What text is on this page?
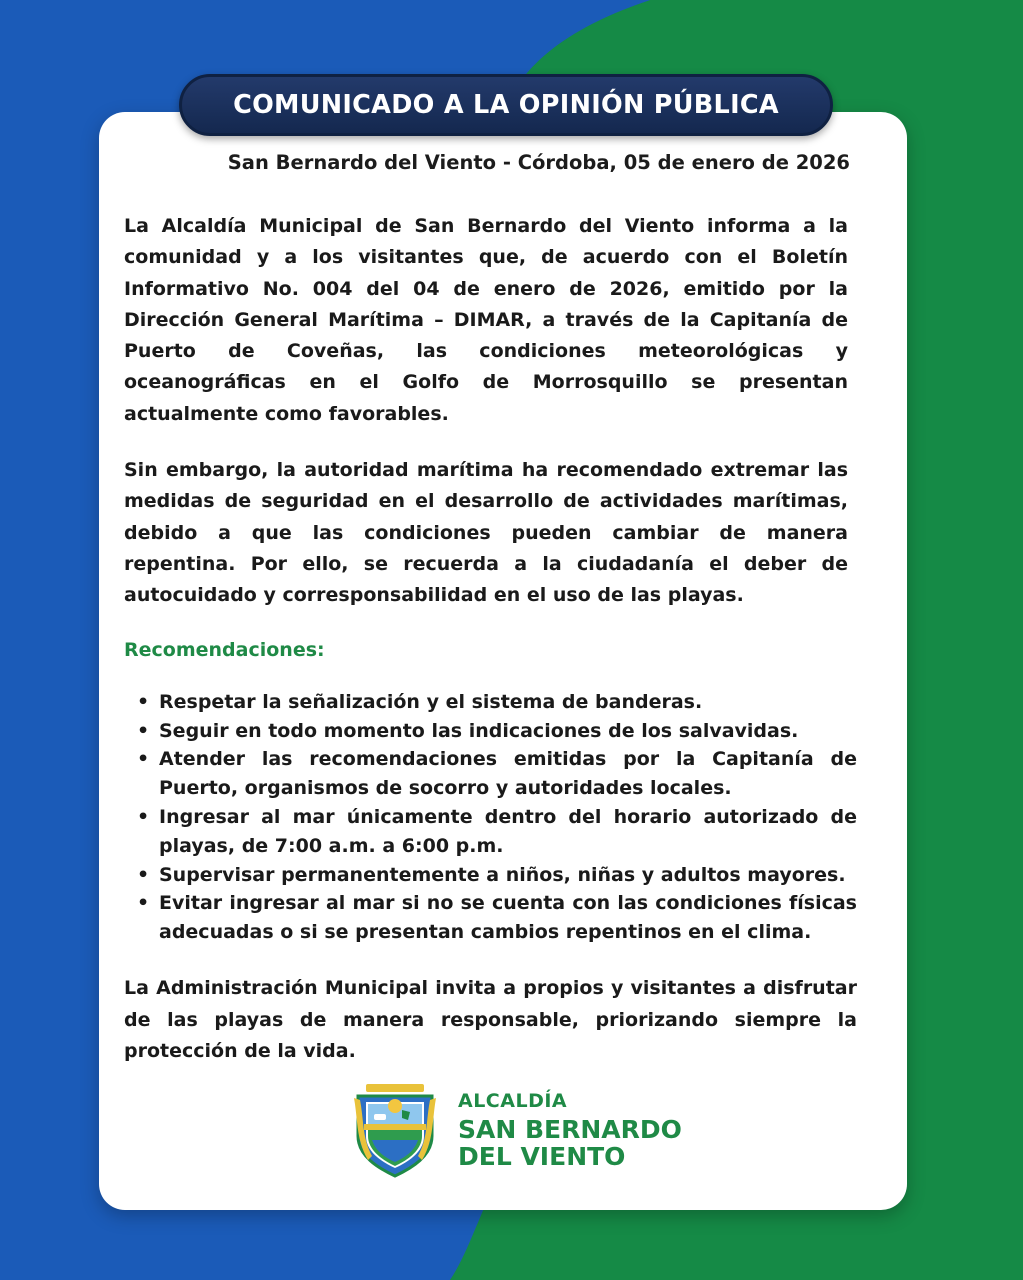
COMUNICADO A LA OPINIÓN PÚBLICA
San Bernardo del Viento - Córdoba, 05 de enero de 2026

La Alcaldía Municipal de San Bernardo del Viento informa a la comunidad y a los visitantes que, de acuerdo con el Boletín Informativo No. 004 del 04 de enero de 2026, emitido por la Dirección General Marítima – DIMAR, a través de la Capitanía de Puerto de Coveñas, las condiciones meteorológicas y oceanográficas en el Golfo de Morrosquillo se presentan actualmente como favorables.

Sin embargo, la autoridad marítima ha recomendado extremar las medidas de seguridad en el desarrollo de actividades marítimas, debido a que las condiciones pueden cambiar de manera repentina. Por ello, se recuerda a la ciudadanía el deber de autocuidado y corresponsabilidad en el uso de las playas.

Recomendaciones:

• Respetar la señalización y el sistema de banderas.
• Seguir en todo momento las indicaciones de los salvavidas.
• Atender las recomendaciones emitidas por la Capitanía de Puerto, organismos de socorro y autoridades locales.
• Ingresar al mar únicamente dentro del horario autorizado de playas, de 7:00 a.m. a 6:00 p.m.
• Supervisar permanentemente a niños, niñas y adultos mayores.
• Evitar ingresar al mar si no se cuenta con las condiciones físicas adecuadas o si se presentan cambios repentinos en el clima.

La Administración Municipal invita a propios y visitantes a disfrutar de las playas de manera responsable, priorizando siempre la protección de la vida.

ALCALDÍA
SAN BERNARDO
DEL VIENTO
